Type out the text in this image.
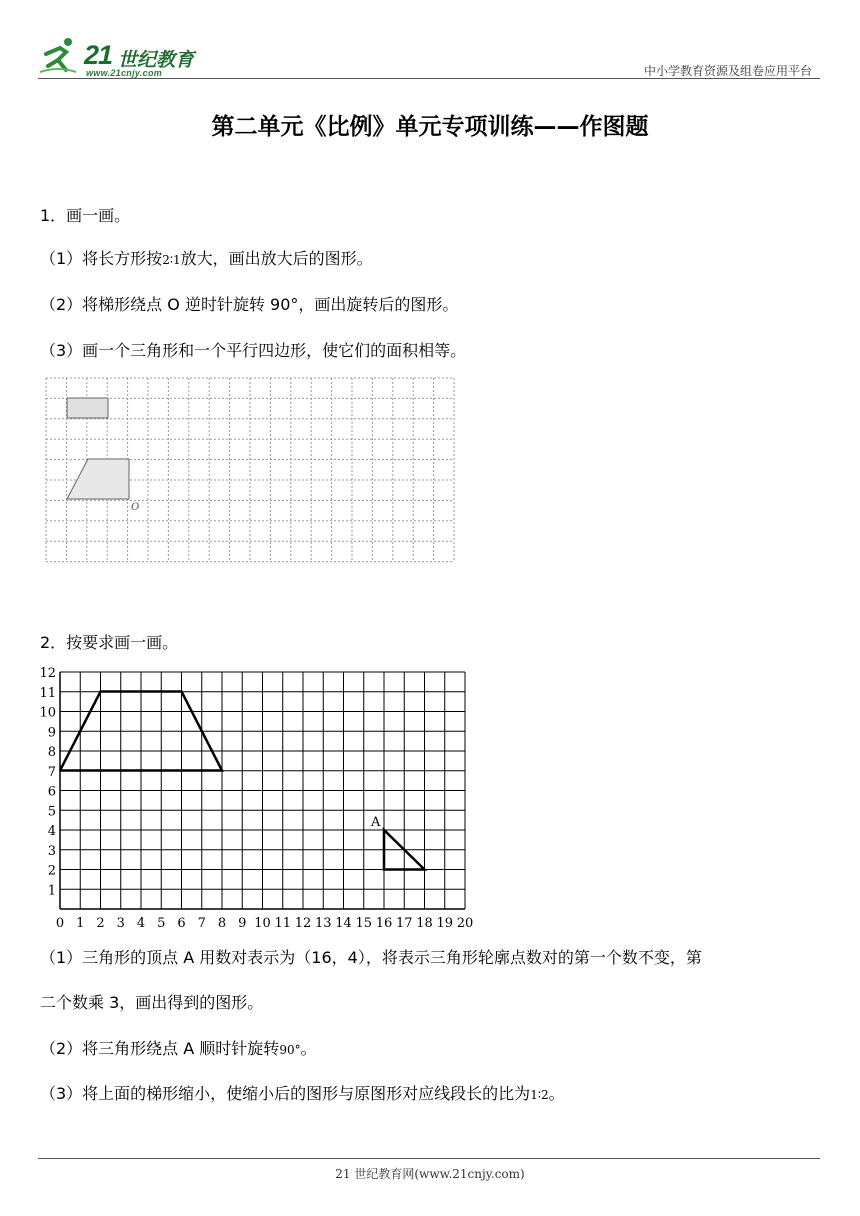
21 世纪教育
www.21cnjy.com	中小学教育资源及组卷应用平台
第二单元《比例》单元专项训练——作图题
1．画一画。
（1）将长方形按2∶1放大，画出放大后的图形。
（2）将梯形绕点 O 逆时针旋转 90°，画出旋转后的图形。
（3）画一个三角形和一个平行四边形，使它们的面积相等。
O
2．按要求画一画。
1
2
3
4
5
6
7
8
9
10
11
12
0 1 2 3 4 5 6 7 8 9 10 11 12 13 14 15 16 17 18 19 20
A
（1）三角形的顶点 A 用数对表示为（16，4），将表示三角形轮廓点数对的第一个数不变，第
二个数乘 3，画出得到的图形。
（2）将三角形绕点 A 顺时针旋转90°。
（3）将上面的梯形缩小，使缩小后的图形与原图形对应线段长的比为1∶2。
21 世纪教育网(www.21cnjy.com)
